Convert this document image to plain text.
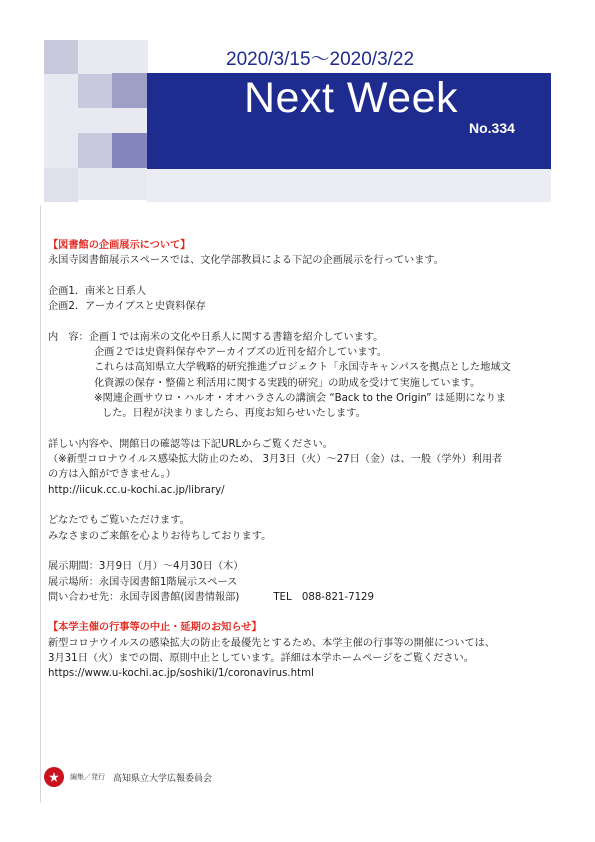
2020/3/15～2020/3/22
Next Week
No.334

【図書館の企画展示について】

永国寺図書館展示スペースでは、文化学部教員による下記の企画展示を行っています。

企画1．南米と日系人

企画2．アーカイブスと史資料保存

内　容：企画１では南米の文化や日系人に関する書籍を紹介しています。

企画２では史資料保存やアーカイブズの近刊を紹介しています。

これらは高知県立大学戦略的研究推進プロジェクト「永国寺キャンパスを拠点とした地域文

化資源の保存・整備と利活用に関する実践的研究」の助成を受けて実施しています。

※関連企画サウロ・ハルオ・オオハラさんの講演会 “Back to the Origin” は延期になりま

した。日程が決まりましたら、再度お知らせいたします。

詳しい内容や、開館日の確認等は下記URLからご覧ください。

（※新型コロナウイルス感染拡大防止のため、 3月3日（火）～27日（金）は、一般（学外）利用者

の方は入館ができません。）

http://iicuk.cc.u-kochi.ac.jp/library/

どなたでもご覧いただけます。

みなさまのご来館を心よりお待ちしております。

展示期間：3月9日（月）～4月30日（木）

展示場所：永国寺図書館1階展示スペース

問い合わせ先：永国寺図書館(図書情報部)	TEL　088-821-7129

【本学主催の行事等の中止・延期のお知らせ】

新型コロナウイルスの感染拡大の防止を最優先とするため、本学主催の行事等の開催については、

3月31日（火）までの間、原則中止としています。詳細は本学ホームページをご覧ください。

https://www.u-kochi.ac.jp/soshiki/1/coronavirus.html

編集／発行 高知県立大学広報委員会
